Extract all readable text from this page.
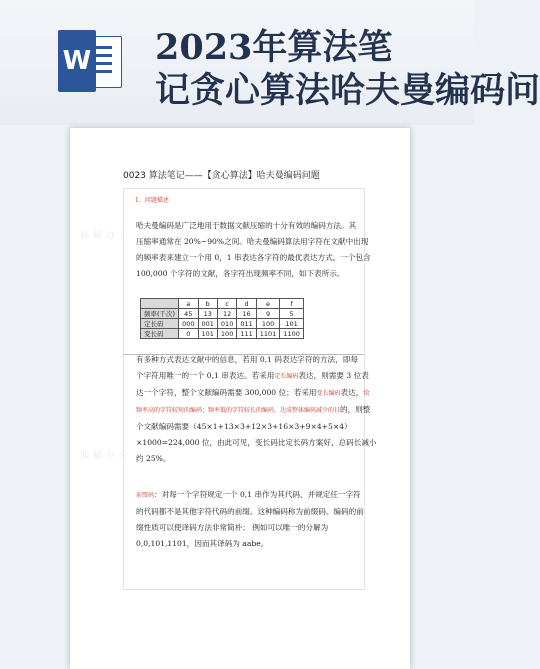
W 2023年算法笔
记贪心算法哈夫曼编码问
熊猫办公
熊猫办公
0023 算法笔记——【贪心算法】哈夫曼编码问题
1、问题描述
哈夫曼编码是广泛地用于数据文献压缩的十分有效的编码方法。其
压缩率通常在 20%~90%之间。哈夫曼编码算法用字符在文献中出现
的频率表来建立一个用 0，1 串表达各字符的最优表达方式。一个包含
100,000 个字符的文献，各字符出现频率不同，如下表所示。
	a	b	c	d	e	f
频率(千次)	45	13	12	16	9	5
定长码	000	001	010	011	100	101
变长码	0	101	100	111	1101	1100
有多种方式表达文献中的信息，若用 0,1 码表达字符的方法，即每
个字符用唯一的一个 0,1 串表达。若采用定长编码表达，则需要 3 位表
达一个字符，整个文献编码需要 300,000 位；若采用变长编码表达，给
频率高的字符较短的编码；频率低的字符较长的编码，达成整体编码减少的目的，则整
个文献编码需要（45×1+13×3+12×3+16×3+9×4+5×4）
×1000=224,000 位，由此可见，变长码比定长码方案好，总码长减小
约 25%。
前缀码：对每一个字符规定一个 0,1 串作为其代码，并规定任一字符
的代码都不是其他字符代码的前缀。这种编码称为前缀码。编码的前
缀性质可以使译码方法非常简朴； 例如可以唯一的分解为
0,0,101,1101，因而其译码为 aabe。
